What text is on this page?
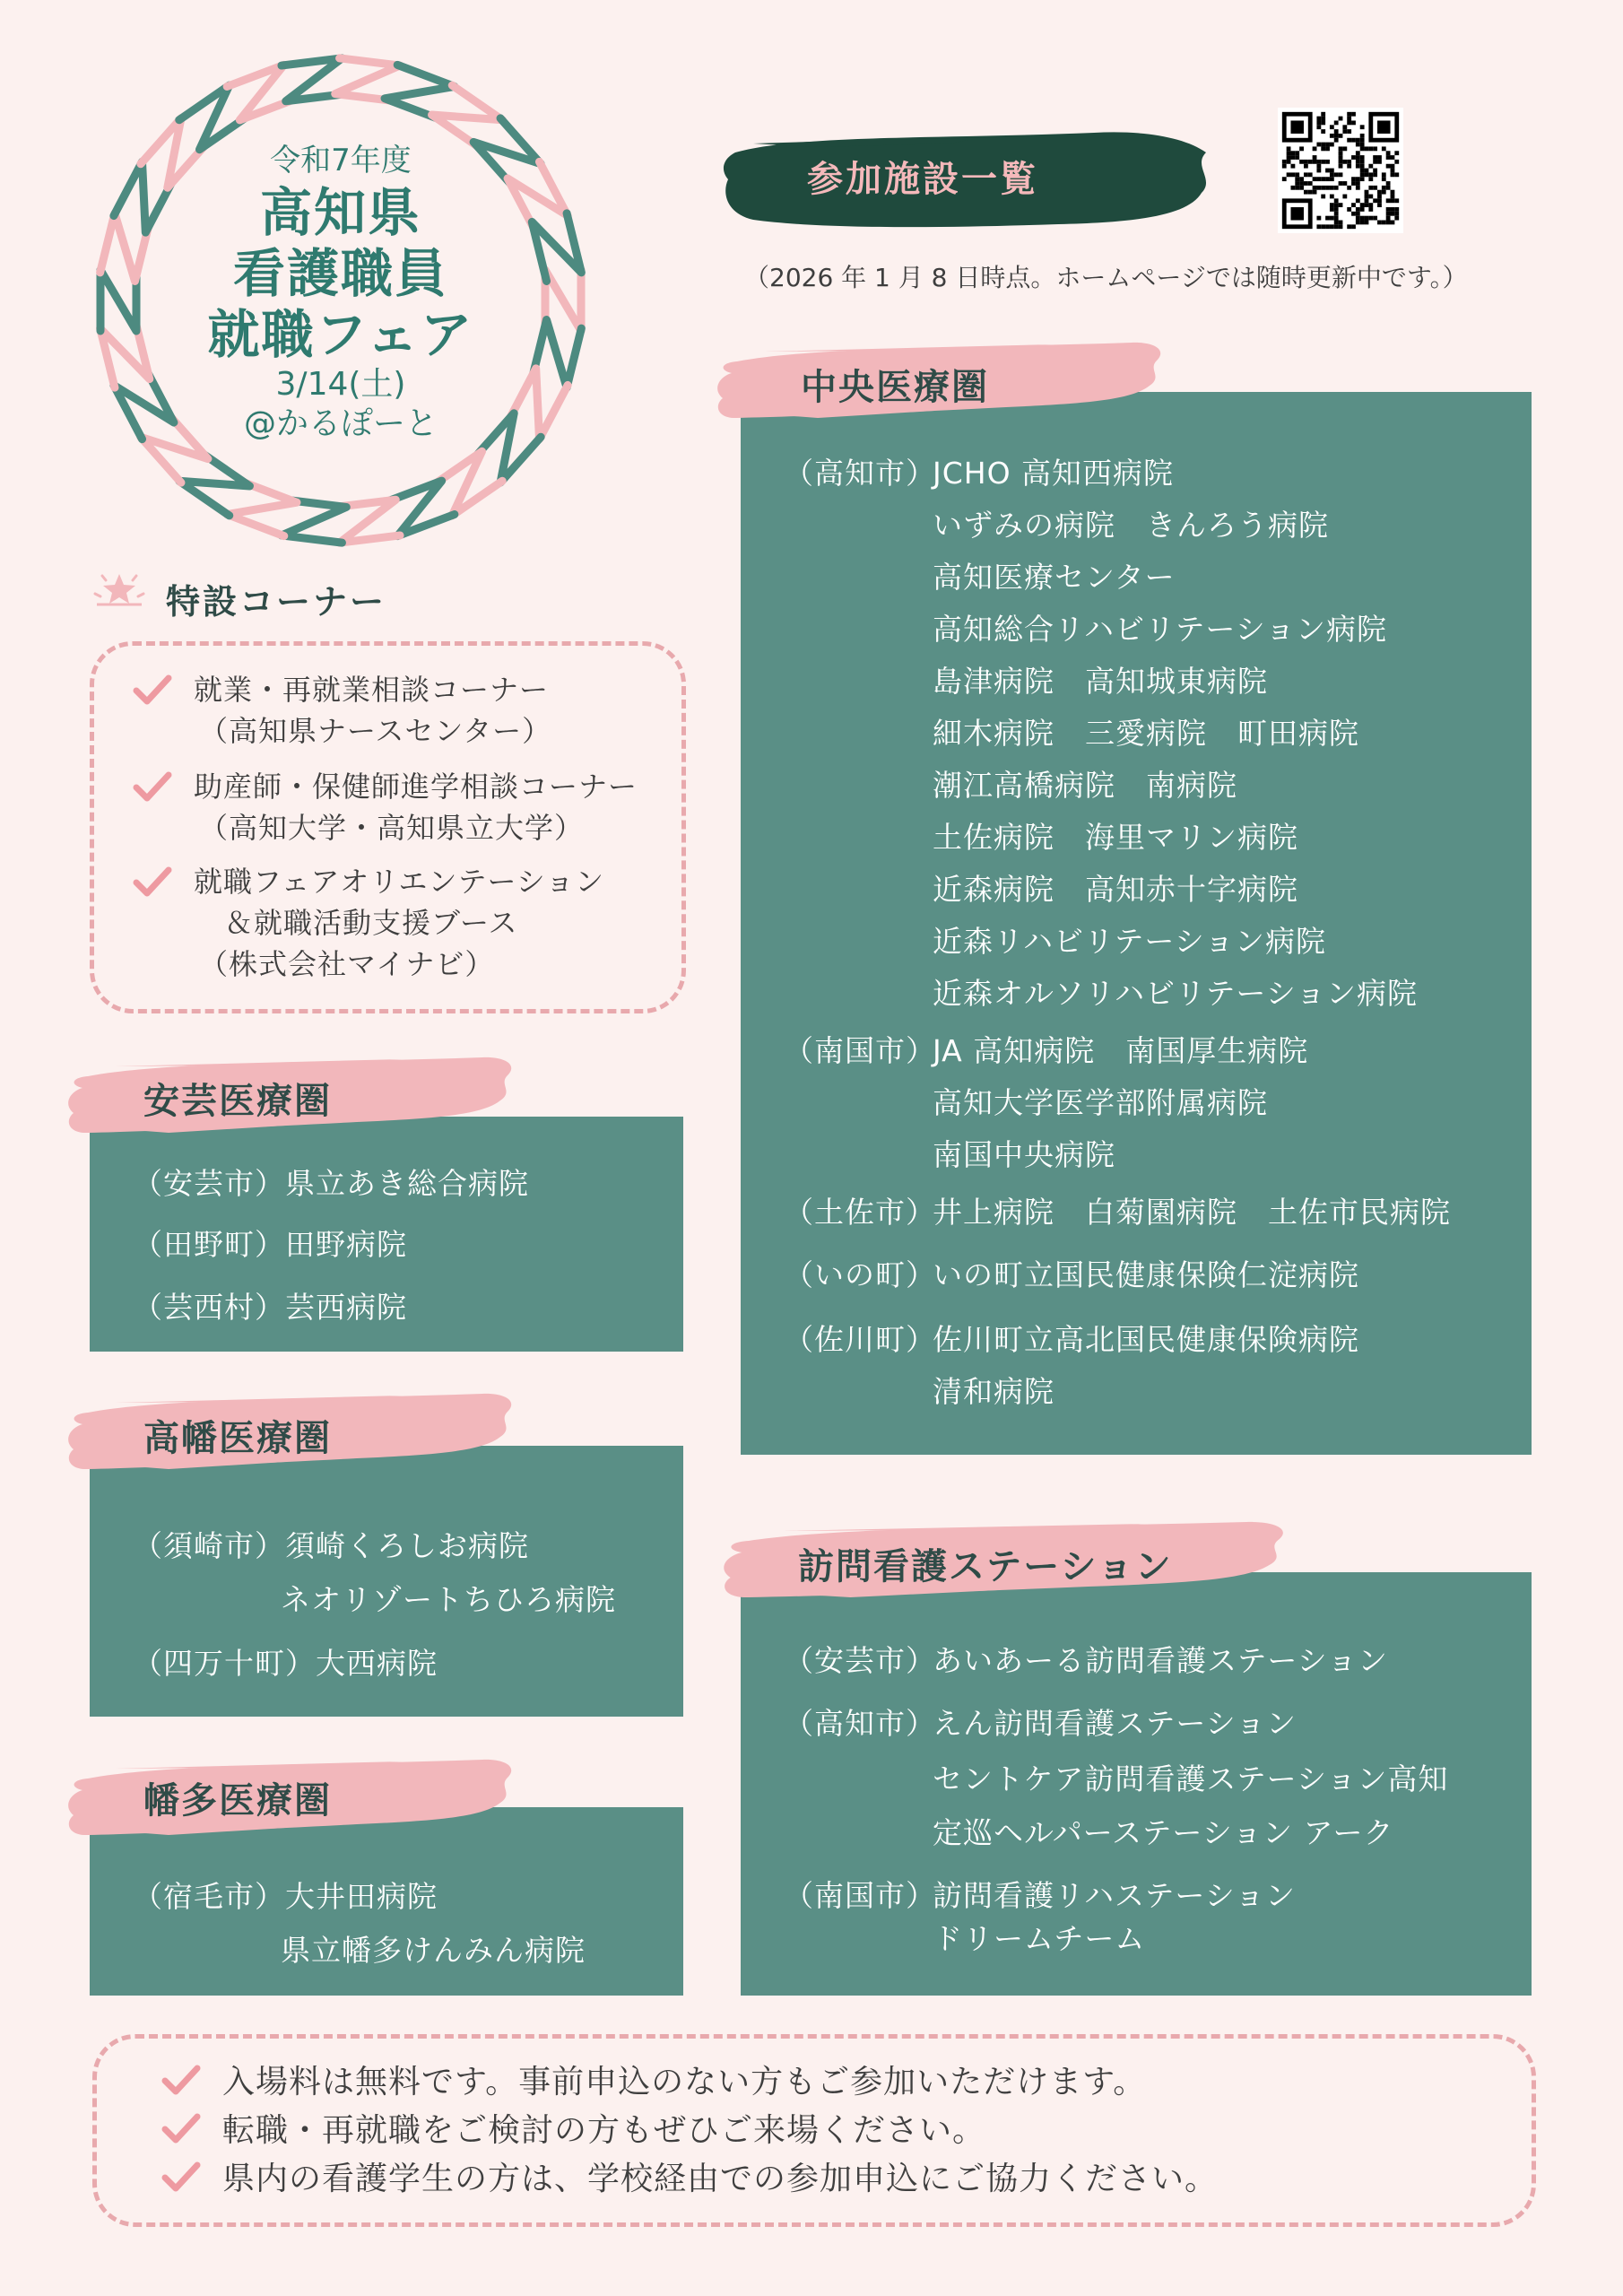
令和7年度
高知県
看護職員
就職フェア
3/14(土)
@かるぽーと
参加施設一覧
（2026 年 1 月 8 日時点。ホームページでは随時更新中です。）
特設コーナー
就業・再就業相談コーナー
（高知県ナースセンター）
助産師・保健師進学相談コーナー
（高知大学・高知県立大学）
就職フェアオリエンテーション
＆就職活動支援ブース
（株式会社マイナビ）
安芸医療圏
（安芸市）県立あき総合病院
（田野町）田野病院
（芸西村）芸西病院
高幡医療圏
（須崎市）須崎くろしお病院
ネオリゾートちひろ病院
（四万十町）大西病院
幡多医療圏
（宿毛市）大井田病院
県立幡多けんみん病院
中央医療圏
（高知市）JCHO 高知西病院
いずみの病院　きんろう病院
高知医療センター
高知総合リハビリテーション病院
島津病院　高知城東病院
細木病院　三愛病院　町田病院
潮江高橋病院　南病院
土佐病院　海里マリン病院
近森病院　高知赤十字病院
近森リハビリテーション病院
近森オルソリハビリテーション病院
（南国市）JA 高知病院　南国厚生病院
高知大学医学部附属病院
南国中央病院
（土佐市）井上病院　白菊園病院　土佐市民病院
（いの町）いの町立国民健康保険仁淀病院
（佐川町）佐川町立高北国民健康保険病院
清和病院
訪問看護ステーション
（安芸市）あいあーる訪問看護ステーション
（高知市）えん訪問看護ステーション
セントケア訪問看護ステーション高知
定巡ヘルパーステーション アーク
（南国市）訪問看護リハステーション
ドリームチーム
入場料は無料です。事前申込のない方もご参加いただけます。
転職・再就職をご検討の方もぜひご来場ください。
県内の看護学生の方は、学校経由での参加申込にご協力ください。
